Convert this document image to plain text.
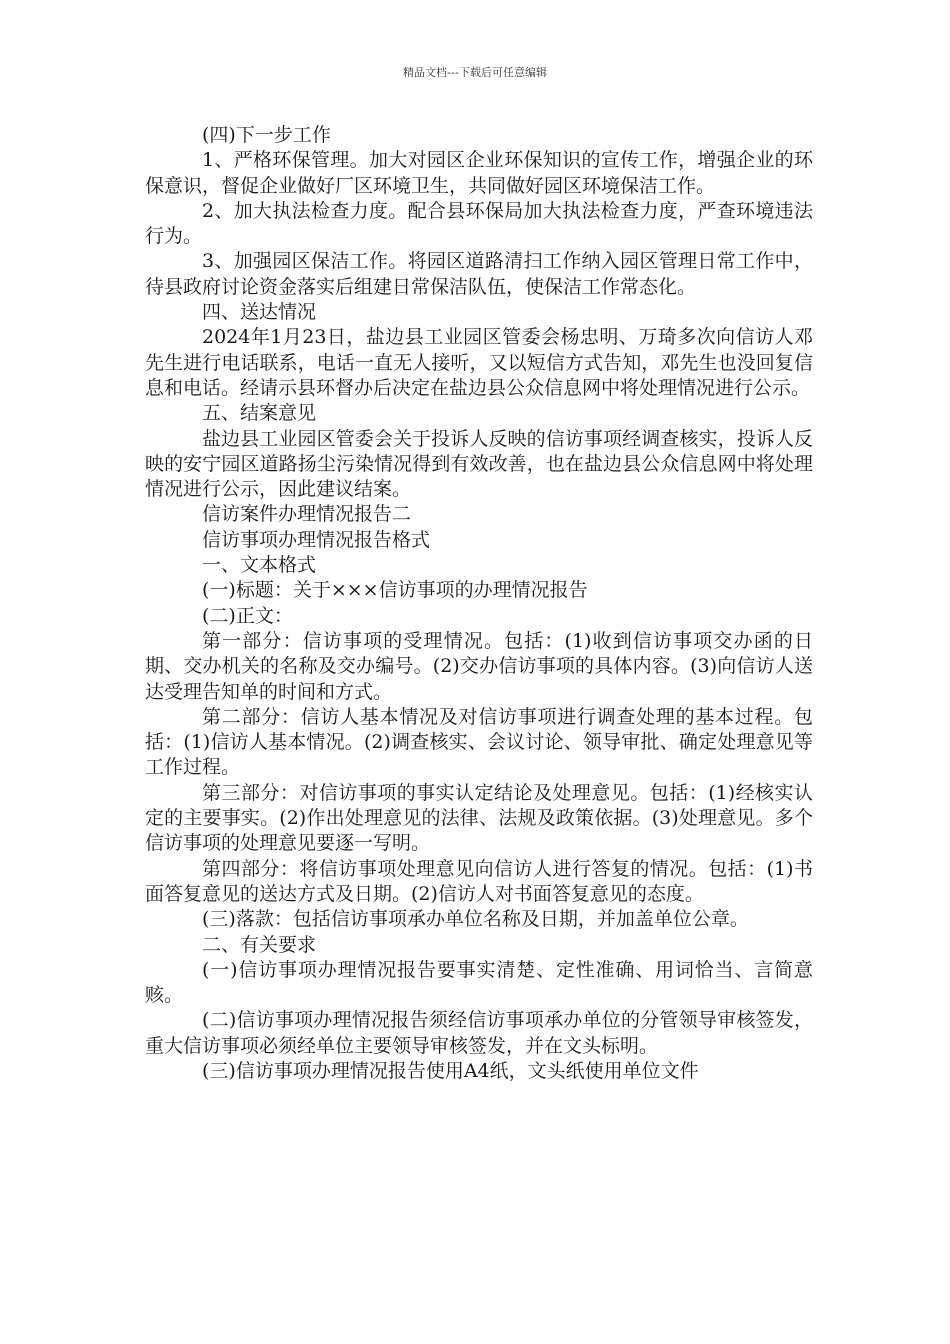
精品文档---下载后可任意编辑

(四)下一步工作

1、严格环保管理。加大对园区企业环保知识的宣传工作，增强企业的环保意识，督促企业做好厂区环境卫生，共同做好园区环境保洁工作。

2、加大执法检查力度。配合县环保局加大执法检查力度，严查环境违法行为。

3、加强园区保洁工作。将园区道路清扫工作纳入园区管理日常工作中，待县政府讨论资金落实后组建日常保洁队伍，使保洁工作常态化。

四、送达情况

2024年1月23日，盐边县工业园区管委会杨忠明、万琦多次向信访人邓先生进行电话联系，电话一直无人接听，又以短信方式告知，邓先生也没回复信息和电话。经请示县环督办后决定在盐边县公众信息网中将处理情况进行公示。

五、结案意见

盐边县工业园区管委会关于投诉人反映的信访事项经调查核实，投诉人反映的安宁园区道路扬尘污染情况得到有效改善，也在盐边县公众信息网中将处理情况进行公示，因此建议结案。

信访案件办理情况报告二

信访事项办理情况报告格式

一、文本格式

(一)标题：关于×××信访事项的办理情况报告

(二)正文：

第一部分：信访事项的受理情况。包括：(1)收到信访事项交办函的日期、交办机关的名称及交办编号。(2)交办信访事项的具体内容。(3)向信访人送达受理告知单的时间和方式。

第二部分：信访人基本情况及对信访事项进行调查处理的基本过程。包括：(1)信访人基本情况。(2)调查核实、会议讨论、领导审批、确定处理意见等工作过程。

第三部分：对信访事项的事实认定结论及处理意见。包括：(1)经核实认定的主要事实。(2)作出处理意见的法律、法规及政策依据。(3)处理意见。多个信访事项的处理意见要逐一写明。

第四部分：将信访事项处理意见向信访人进行答复的情况。包括：(1)书面答复意见的送达方式及日期。(2)信访人对书面答复意见的态度。

(三)落款：包括信访事项承办单位名称及日期，并加盖单位公章。

二、有关要求

(一)信访事项办理情况报告要事实清楚、定性准确、用词恰当、言简意赅。

(二)信访事项办理情况报告须经信访事项承办单位的分管领导审核签发，重大信访事项必须经单位主要领导审核签发，并在文头标明。

(三)信访事项办理情况报告使用A4纸，文头纸使用单位文件
